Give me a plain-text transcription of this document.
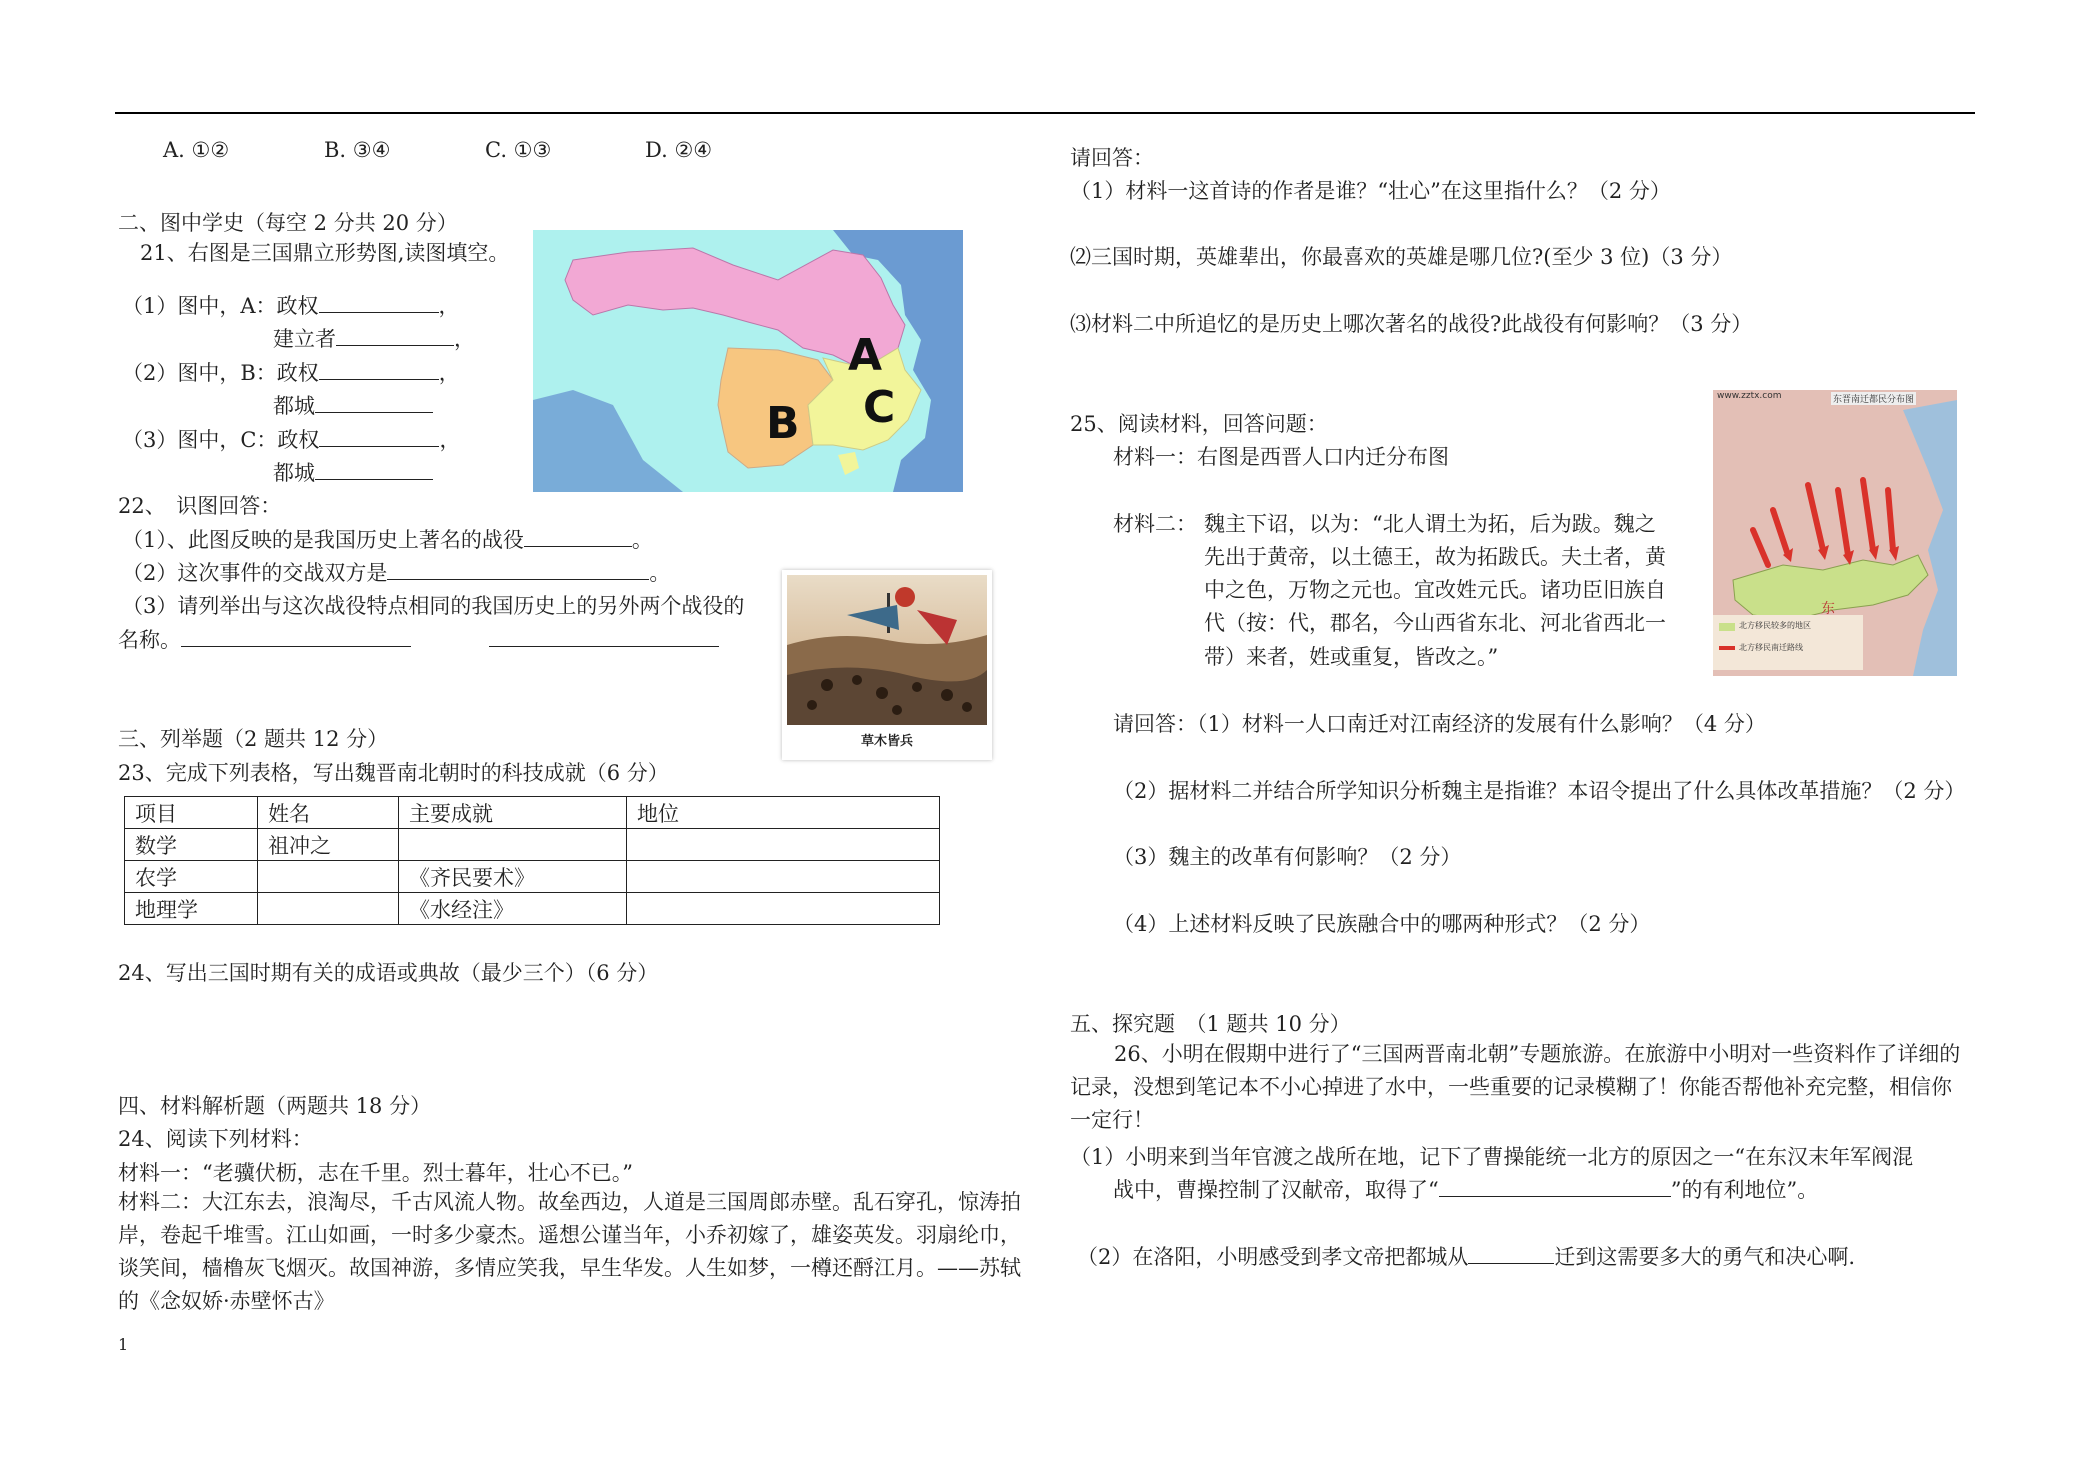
A. ①②	B. ③④	C. ①③	D. ②④
二、图中学史（每空 2 分共 20 分）
21、右图是三国鼎立形势图,读图填空。
（1）图中，A：政权	，
建立者	，
（2）图中，B：政权	，
都城
（3）图中，C：政权	，
都城
A
B C
22、　识图回答：
（1）、此图反映的是我国历史上著名的战役	。
（2）这次事件的交战双方是	。
（3）请列举出与这次战役特点相同的我国历史上的另外两个战役的
名称。
草木皆兵
三、列举题（2 题共 12 分）
23、完成下列表格，写出魏晋南北朝时的科技成就（6 分）
项目	姓名	主要成就	地位
数学	祖冲之		
农学		《齐民要术》	
地理学		《水经注》	
24、写出三国时期有关的成语或典故（最少三个）（6 分）
四、材料解析题（两题共 18 分）
24、阅读下列材料：
材料一：“老骥伏枥，志在千里。烈士暮年，壮心不已。”
材料二：大江东去，浪淘尽，千古风流人物。故垒西边，人道是三国周郎赤壁。乱石穿孔，惊涛拍岸，卷起千堆雪。江山如画，一时多少豪杰。遥想公谨当年，小乔初嫁了，雄姿英发。羽扇纶巾，谈笑间，樯橹灰飞烟灭。故国神游，多情应笑我，早生华发。人生如梦，一樽还酹江月。——苏轼的《念奴娇·赤壁怀古》
1
请回答：
（1）材料一这首诗的作者是谁？“壮心”在这里指什么？（2 分）
⑵三国时期，英雄辈出，你最喜欢的英雄是哪几位?(至少 3 位)（3 分）
⑶材料二中所追忆的是历史上哪次著名的战役?此战役有何影响？（3 分）
25、阅读材料，回答问题：
材料一：右图是西晋人口内迁分布图
材料二： 魏主下诏，以为：“北人谓土为拓，后为跋。魏之
先出于黄帝，以土德王，故为拓跋氏。夫土者，黄
中之色，万物之元也。宜改姓元氏。诸功臣旧族自
代（按：代，郡名，今山西省东北、河北省西北一
带）来者，姓或重复，皆改之。”
www.zztx.com	东晋南迁都民分布图
东
北方移民较多的地区
北方移民南迁路线
请回答：（1）材料一人口南迁对江南经济的发展有什么影响？（4 分）
（2）据材料二并结合所学知识分析魏主是指谁？本诏令提出了什么具体改革措施？（2 分）
（3）魏主的改革有何影响？（2 分）
（4）上述材料反映了民族融合中的哪两种形式？（2 分）
五、探究题　（1 题共 10 分）
26、小明在假期中进行了“三国两晋南北朝”专题旅游。在旅游中小明对一些资料作了详细的记录，没想到笔记本不小心掉进了水中，一些重要的记录模糊了！你能否帮他补充完整，相信你一定行！
（1）小明来到当年官渡之战所在地，记下了曹操能统一北方的原因之一“在东汉末年军阀混
战中，曹操控制了汉献帝，取得了“	”的有利地位”。
（2）在洛阳，小明感受到孝文帝把都城从	迁到这需要多大的勇气和决心啊.
